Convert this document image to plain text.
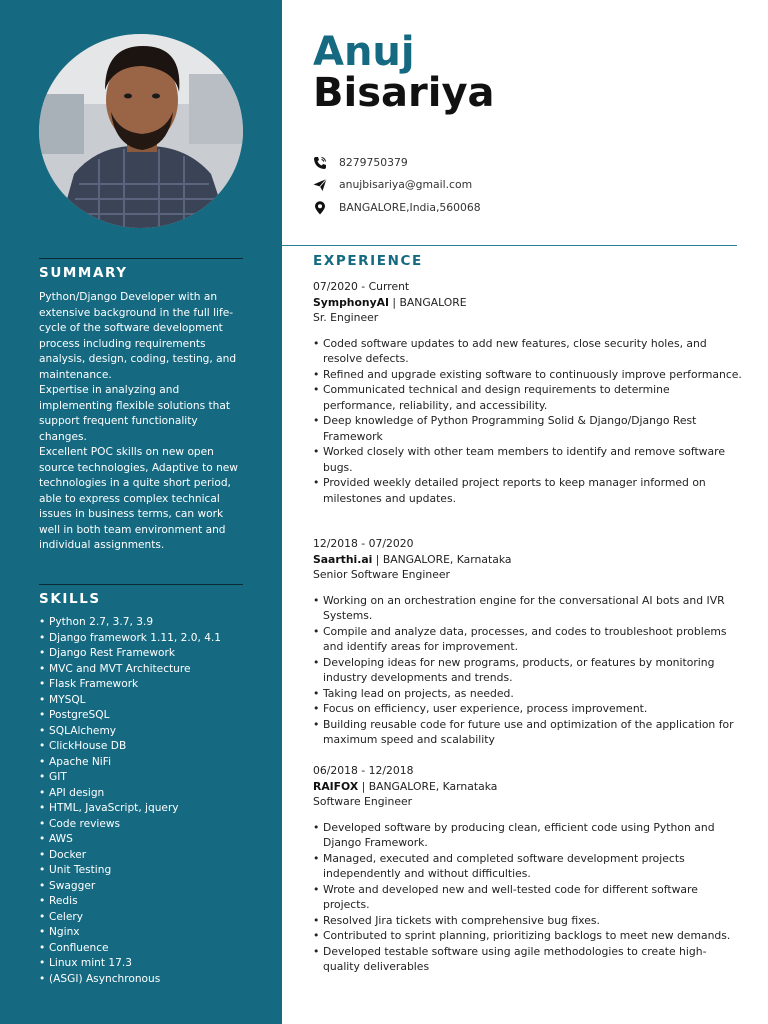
SUMMARY

Python/Django Developer with an extensive background in the full life-cycle of the software development process including requirements analysis, design, coding, testing, and maintenance.

Expertise in analyzing and implementing flexible solutions that support frequent functionality changes.

Excellent POC skills on new open source technologies, Adaptive to new technologies in a quite short period, able to express complex technical issues in business terms, can work well in both team environment and individual assignments.

SKILLS
• Python 2.7, 3.7, 3.9
• Django framework 1.11, 2.0, 4.1
• Django Rest Framework
• MVC and MVT Architecture
• Flask Framework
• MYSQL
• PostgreSQL
• SQLAlchemy
• ClickHouse DB
• Apache NiFi
• GIT
• API design
• HTML, JavaScript, jquery
• Code reviews
• AWS
• Docker
• Unit Testing
• Swagger
• Redis
• Celery
• Nginx
• Confluence
• Linux mint 17.3
• (ASGI) Asynchronous
Anuj
Bisariya
8279750379
anujbisariya@gmail.com
BANGALORE,India,560068
EXPERIENCE
07/2020 - Current
SymphonyAI | BANGALORE
Sr. Engineer
• Coded software updates to add new features, close security holes, and resolve defects.
• Refined and upgrade existing software to continuously improve performance.
• Communicated technical and design requirements to determine performance, reliability, and accessibility.
• Deep knowledge of Python Programming Solid & Django/Django Rest Framework
• Worked closely with other team members to identify and remove software bugs.
• Provided weekly detailed project reports to keep manager informed on milestones and updates.
12/2018 - 07/2020
Saarthi.ai | BANGALORE, Karnataka
Senior Software Engineer
• Working on an orchestration engine for the conversational AI bots and IVR Systems.
• Compile and analyze data, processes, and codes to troubleshoot problems and identify areas for improvement.
• Developing ideas for new programs, products, or features by monitoring industry developments and trends.
• Taking lead on projects, as needed.
• Focus on efficiency, user experience, process improvement.
• Building reusable code for future use and optimization of the application for maximum speed and scalability
06/2018 - 12/2018
RAIFOX | BANGALORE, Karnataka
Software Engineer
• Developed software by producing clean, efficient code using Python and Django Framework.
• Managed, executed and completed software development projects independently and without difficulties.
• Wrote and developed new and well-tested code for different software projects.
• Resolved Jira tickets with comprehensive bug fixes.
• Contributed to sprint planning, prioritizing backlogs to meet new demands.
• Developed testable software using agile methodologies to create high-quality deliverables
